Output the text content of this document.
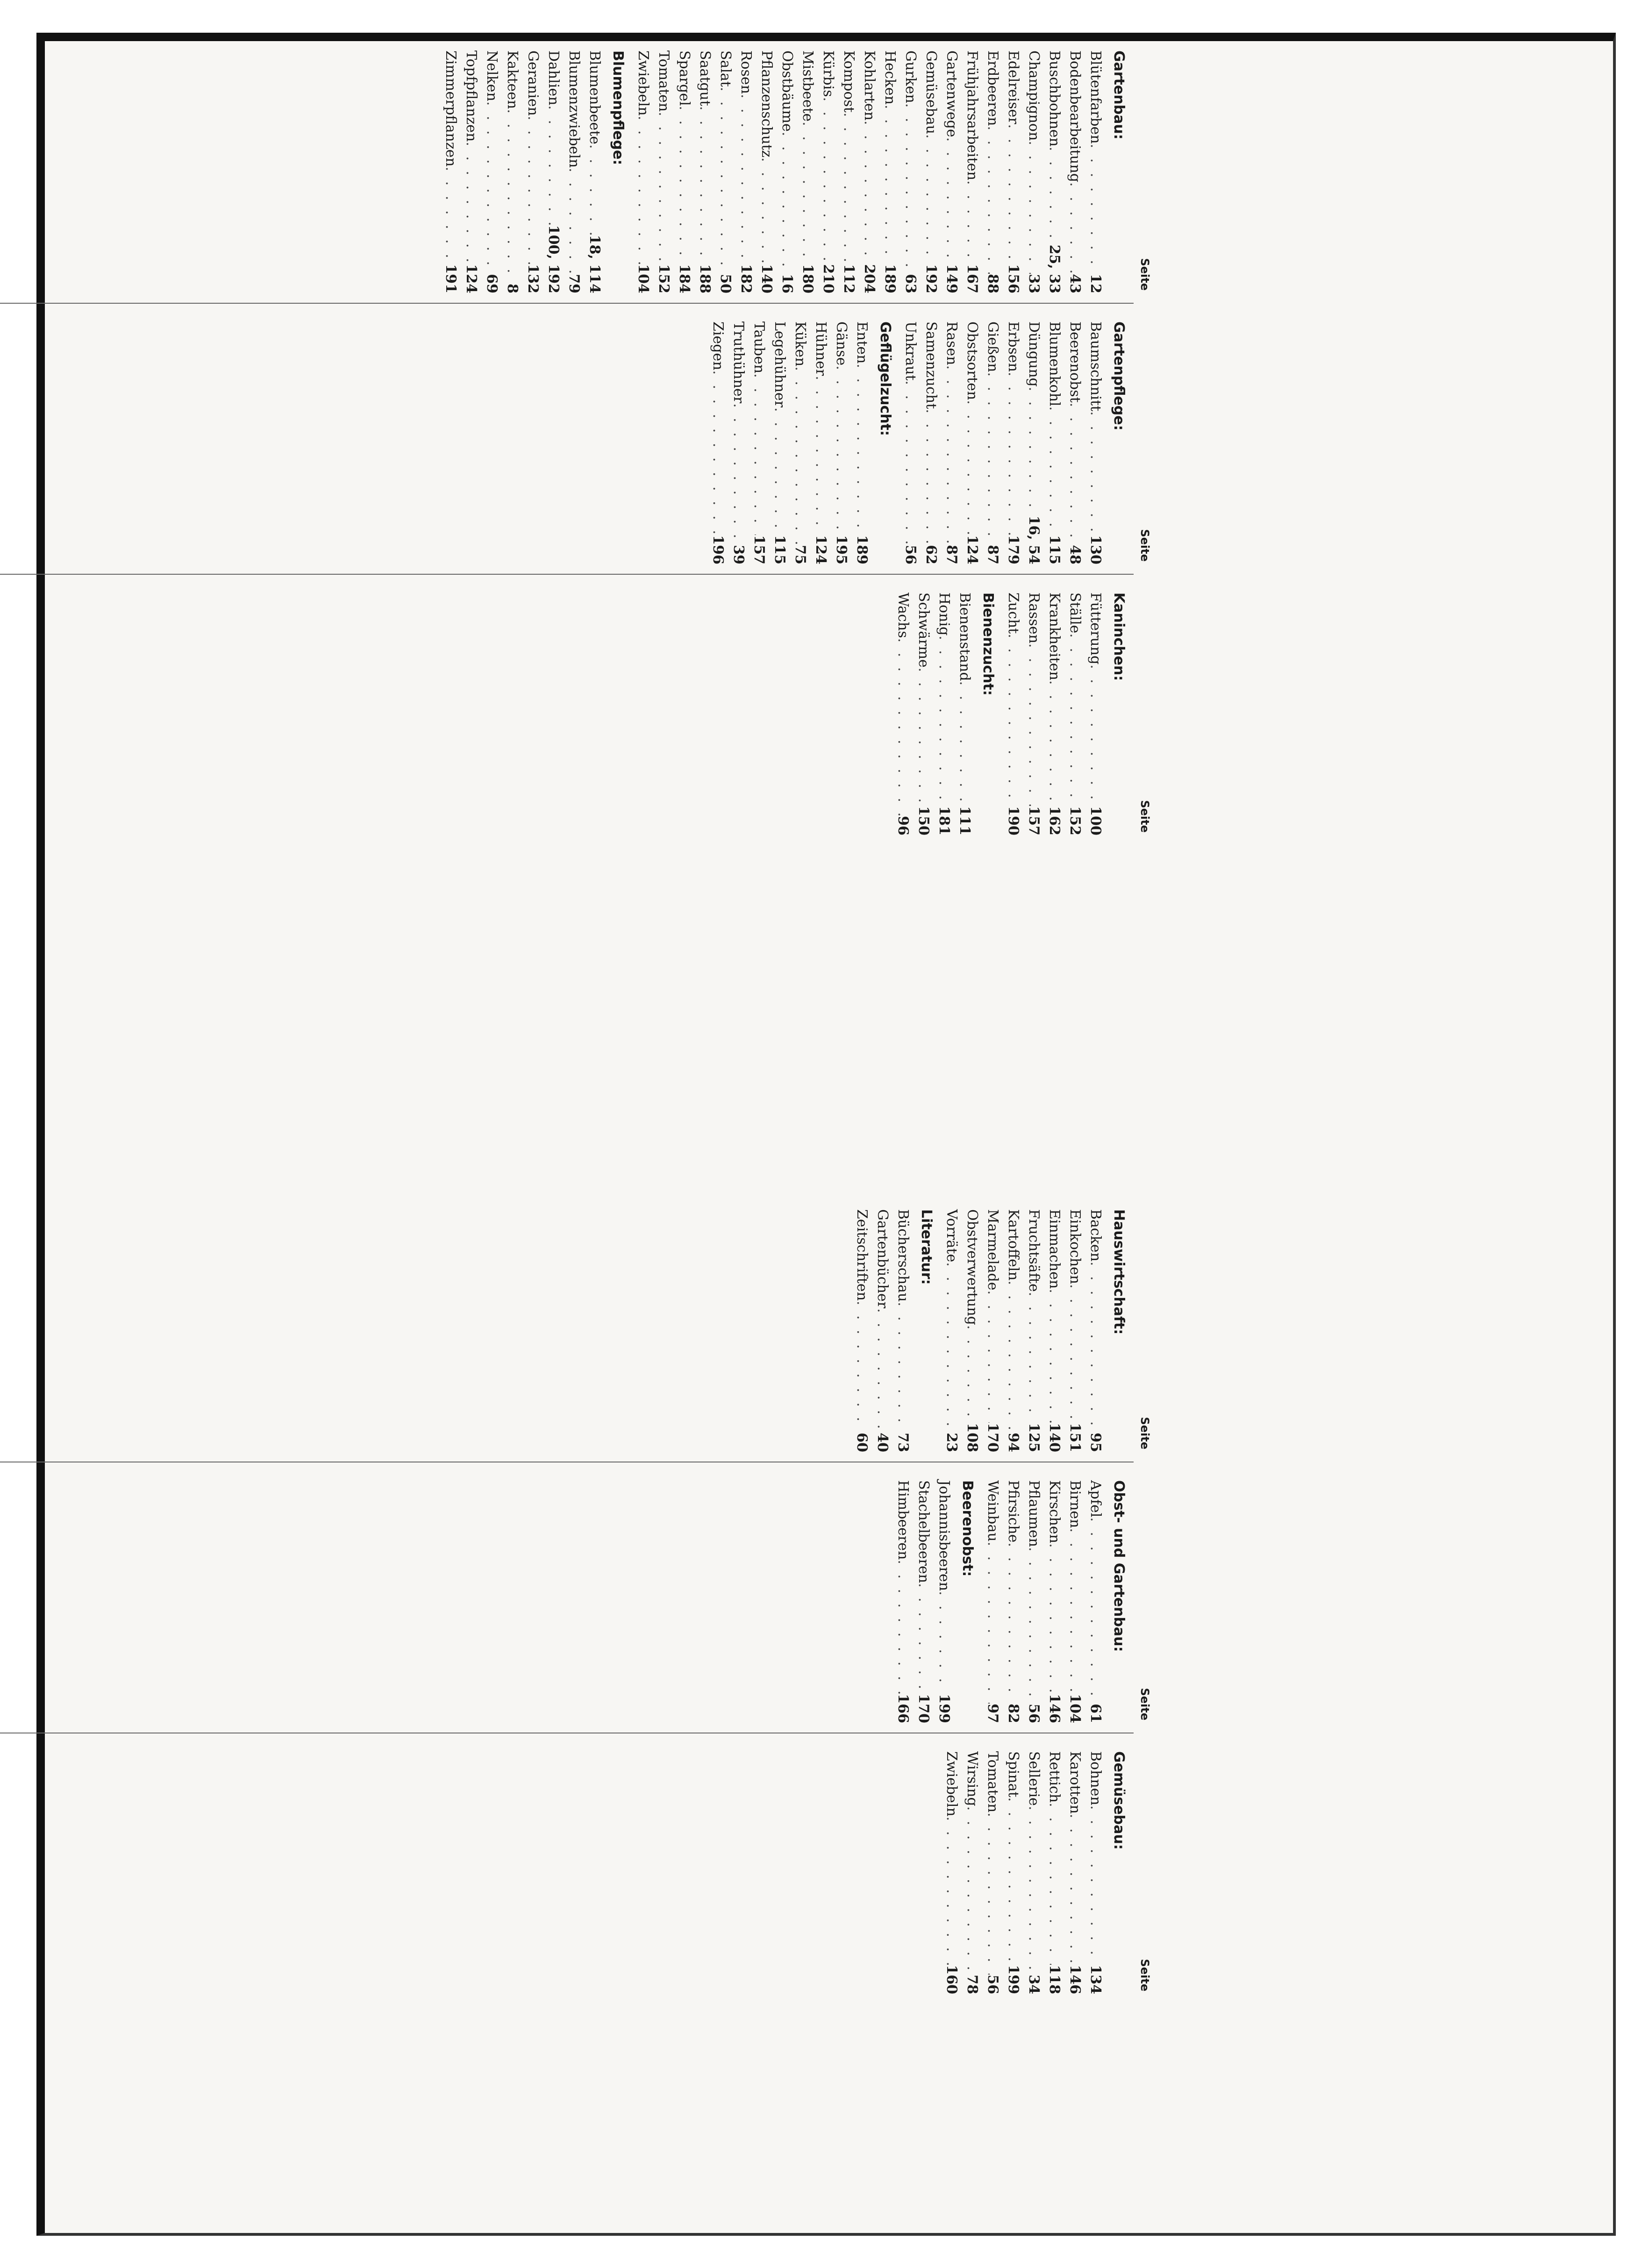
Seite
Gartenbau:
Blütenfarben
. . .
12
Bodenbearbeitung
. . .
43
Buschbohnen
. . .
25, 33
Champignon
. . .
33
Edelreiser
. . .
156
Erdbeeren
. . .
88
Frühjahrsarbeiten
. . .
167
Gartenwege
. . .
149
Gemüsebau
. . .
192
Gurken
. . .
63
Hecken
. . .
189
Kohlarten
. . .
204
Kompost
. . .
112
Kürbis
. . .
210
Mistbeete
. . .
180
Obstbäume
. . .
16
Pflanzenschutz
. . .
140
Rosen
. . .
182
Salat
. . .
50
Saatgut
. . .
188
Spargel
. . .
184
Tomaten
. . .
152
Zwiebeln
. . .
104
Blumenpflege:
Blumenbeete
. . .
18, 114
Blumenzwiebeln
. . .
79
Dahlien
. . .
100, 192
Geranien
. . .
132
Kakteen
. . .
8
Nelken
. . .
69
Topfpflanzen
. . .
124
Zimmerpflanzen
. . .
191
Seite
Gartenpflege:
Baumschnitt
. . .
130
Beerenobst
. . .
48
Blumenkohl
. . .
115
Düngung
. . .
16, 54
Erbsen
. . .
179
Gießen
. . .
87
Obstsorten
. . .
124
Rasen
. . .
87
Samenzucht
. . .
62
Unkraut
. . .
56
Geflügelzucht:
Enten
. . .
189
Gänse
. . .
195
Hühner
. . .
124
Küken
. . .
75
Legehühner
. . .
115
Tauben
. . .
157
Truthühner
. . .
39
Ziegen
. . .
196
Seite
Kaninchen:
Fütterung
. . .
100
Ställe
. . .
152
Krankheiten
. . .
162
Rassen
. . .
157
Zucht
. . .
190
Bienenzucht:
Bienenstand
. . .
111
Honig
. . .
181
Schwärme
. . .
150
Wachs
. . .
96
Seite
Hauswirtschaft:
Backen
. . .
95
Einkochen
. . .
151
Einmachen
. . .
140
Fruchtsäfte
. . .
125
Kartoffeln
. . .
94
Marmelade
. . .
170
Obstverwertung
. . .
108
Vorräte
. . .
23
Literatur:
Bücherschau
. . .
73
Gartenbücher
. . .
40
Zeitschriften
. . .
60
Seite
Obst- und Gartenbau:
Apfel
. . .
61
Birnen
. . .
104
Kirschen
. . .
146
Pflaumen
. . .
56
Pfirsiche
. . .
82
Weinbau
. . .
97
Beerenobst:
Johannisbeeren
. . .
199
Stachelbeeren
. . .
170
Himbeeren
. . .
166
Seite
Gemüsebau:
Bohnen
. . .
134
Karotten
. . .
146
Rettich
. . .
118
Sellerie
. . .
34
Spinat
. . .
199
Tomaten
. . .
56
Wirsing
. . .
78
Zwiebeln
. . .
160
